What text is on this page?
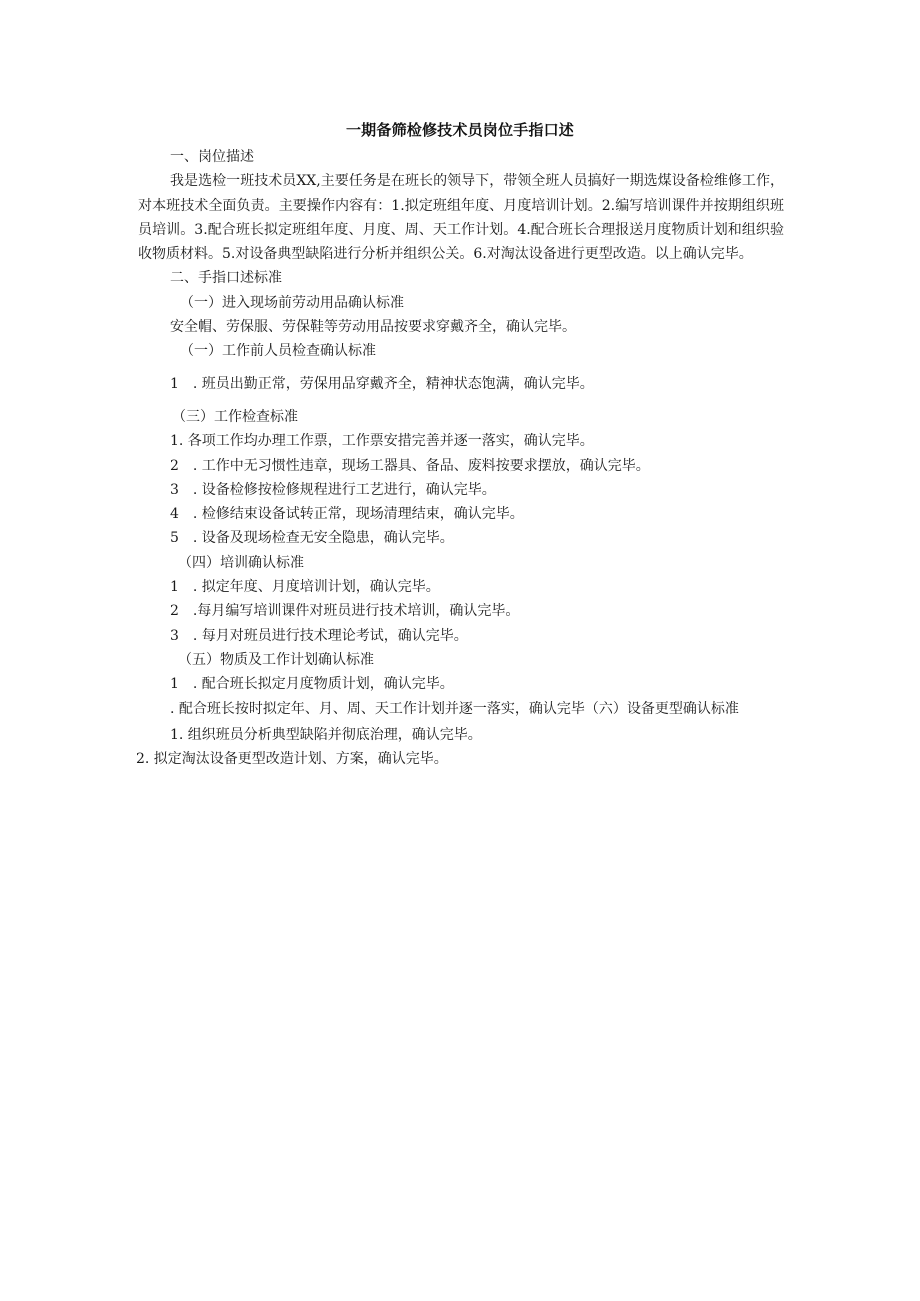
一期备筛检修技术员岗位手指口述
一、岗位描述
我是选检一班技术员XX,主要任务是在班长的领导下，带领全班人员搞好一期选煤设备检维修工作，对本班技术全面负责。主要操作内容有：1.拟定班组年度、月度培训计划。2.编写培训课件并按期组织班员培训。3.配合班长拟定班组年度、月度、周、天工作计划。4.配合班长合理报送月度物质计划和组织验收物质材料。5.对设备典型缺陷进行分析并组织公关。6.对淘汰设备进行更型改造。以上确认完毕。
二、手指口述标准
（一）进入现场前劳动用品确认标准
安全帽、劳保服、劳保鞋等劳动用品按要求穿戴齐全，确认完毕。
（一）工作前人员检查确认标准
1　. 班员出勤正常，劳保用品穿戴齐全，精神状态饱满，确认完毕。
（三）工作检查标准
1. 各项工作均办理工作票，工作票安措完善并逐一落实，确认完毕。
2　. 工作中无习惯性违章，现场工器具、备品、废料按要求摆放，确认完毕。
3　. 设备检修按检修规程进行工艺进行，确认完毕。
4　. 检修结束设备试转正常，现场清理结束，确认完毕。
5　. 设备及现场检查无安全隐患，确认完毕。
（四）培训确认标准
1　. 拟定年度、月度培训计划，确认完毕。
2　.每月编写培训课件对班员进行技术培训，确认完毕。
3　. 每月对班员进行技术理论考试，确认完毕。
（五）物质及工作计划确认标准
1　. 配合班长拟定月度物质计划，确认完毕。
. 配合班长按时拟定年、月、周、天工作计划并逐一落实，确认完毕（六）设备更型确认标准
1. 组织班员分析典型缺陷并彻底治理，确认完毕。
2. 拟定淘汰设备更型改造计划、方案，确认完毕。
